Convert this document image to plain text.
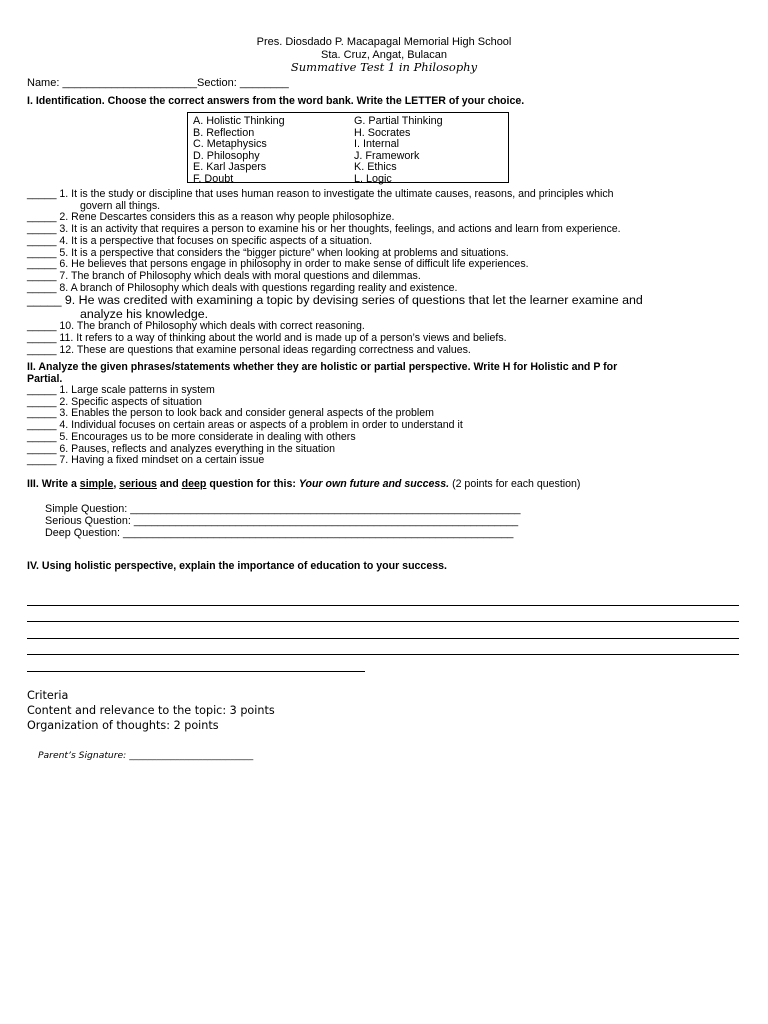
Pres. Diosdado P. Macapagal Memorial High School
Sta. Cruz, Angat, Bulacan
Summative Test 1 in Philosophy
Name: ______________________Section: ________
I. Identification. Choose the correct answers from the word bank. Write the LETTER of your choice.
A. Holistic Thinking	G. Partial Thinking
B. Reflection	H. Socrates
C. Metaphysics	I. Internal
D. Philosophy	J. Framework
E. Karl Jaspers	K. Ethics
F. Doubt	L. Logic
_____ 1. It is the study or discipline that uses human reason to investigate the ultimate causes, reasons, and principles which
govern all things.
_____ 2. Rene Descartes considers this as a reason why people philosophize.
_____ 3. It is an activity that requires a person to examine his or her thoughts, feelings, and actions and learn from experience.
_____ 4. It is a perspective that focuses on specific aspects of a situation.
_____ 5. It is a perspective that considers the “bigger picture” when looking at problems and situations.
_____ 6. He believes that persons engage in philosophy in order to make sense of difficult life experiences.
_____ 7. The branch of Philosophy which deals with moral questions and dilemmas.
_____ 8. A branch of Philosophy which deals with questions regarding reality and existence.
_____ 9. He was credited with examining a topic by devising series of questions that let the learner examine and
analyze his knowledge.
_____ 10. The branch of Philosophy which deals with correct reasoning.
_____ 11. It refers to a way of thinking about the world and is made up of a person’s views and beliefs.
_____ 12. These are questions that examine personal ideas regarding correctness and values.
II. Analyze the given phrases/statements whether they are holistic or partial perspective. Write H for Holistic and P for
Partial.
_____ 1. Large scale patterns in system
_____ 2. Specific aspects of situation
_____ 3. Enables the person to look back and consider general aspects of the problem
_____ 4. Individual focuses on certain areas or aspects of a problem in order to understand it
_____ 5. Encourages us to be more considerate in dealing with others
_____ 6. Pauses, reflects and analyzes everything in the situation
_____ 7. Having a fixed mindset on a certain issue
III. Write a simple, serious and deep question for this: Your own future and success. (2 points for each question)
Simple Question: _________________________________________________________________
Serious Question: ________________________________________________________________
Deep Question: _________________________________________________________________
IV. Using holistic perspective, explain the importance of education to your success.
Criteria
Content and relevance to the topic: 3 points
Organization of thoughts: 2 points
Parent’s Signature: ___________________________
